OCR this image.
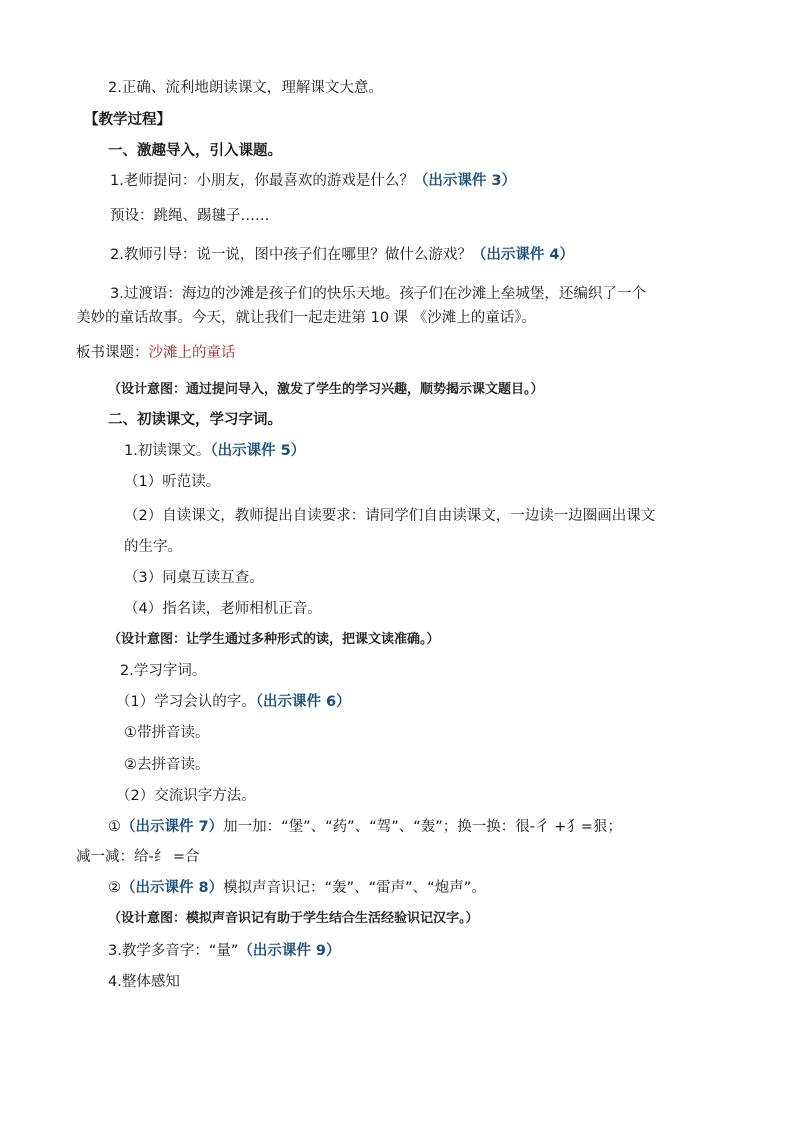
2.正确、流利地朗读课文，理解课文大意。
【教学过程】
一、激趣导入，引入课题。
1.老师提问：小朋友，你最喜欢的游戏是什么？（出示课件 3）
预设：跳绳、踢毽子……
2.教师引导：说一说，图中孩子们在哪里？做什么游戏？（出示课件 4）
3.过渡语：海边的沙滩是孩子们的快乐天地。孩子们在沙滩上垒城堡，还编织了一个
美妙的童话故事。今天，就让我们一起走进第 10 课 《沙滩上的童话》。
板书课题：沙滩上的童话
（设计意图：通过提问导入，激发了学生的学习兴趣，顺势揭示课文题目。）
二、初读课文，学习字词。
1.初读课文。（出示课件 5）
（1）听范读。
（2）自读课文，教师提出自读要求：请同学们自由读课文，一边读一边圈画出课文
的生字。
（3）同桌互读互查。
（4）指名读，老师相机正音。
（设计意图：让学生通过多种形式的读，把课文读准确。）
2.学习字词。
（1）学习会认的字。（出示课件 6）
①带拼音读。
②去拼音读。
（2）交流识字方法。
①（出示课件 7）加一加：“堡”、“药”、“驾”、“轰”；换一换：很-彳 +犭=狠；
减一减：给-纟 =合
②（出示课件 8）模拟声音识记：“轰”、“雷声”、“炮声”。
（设计意图：模拟声音识记有助于学生结合生活经验识记汉字。）
3.教学多音字：“量”（出示课件 9）
4.整体感知
